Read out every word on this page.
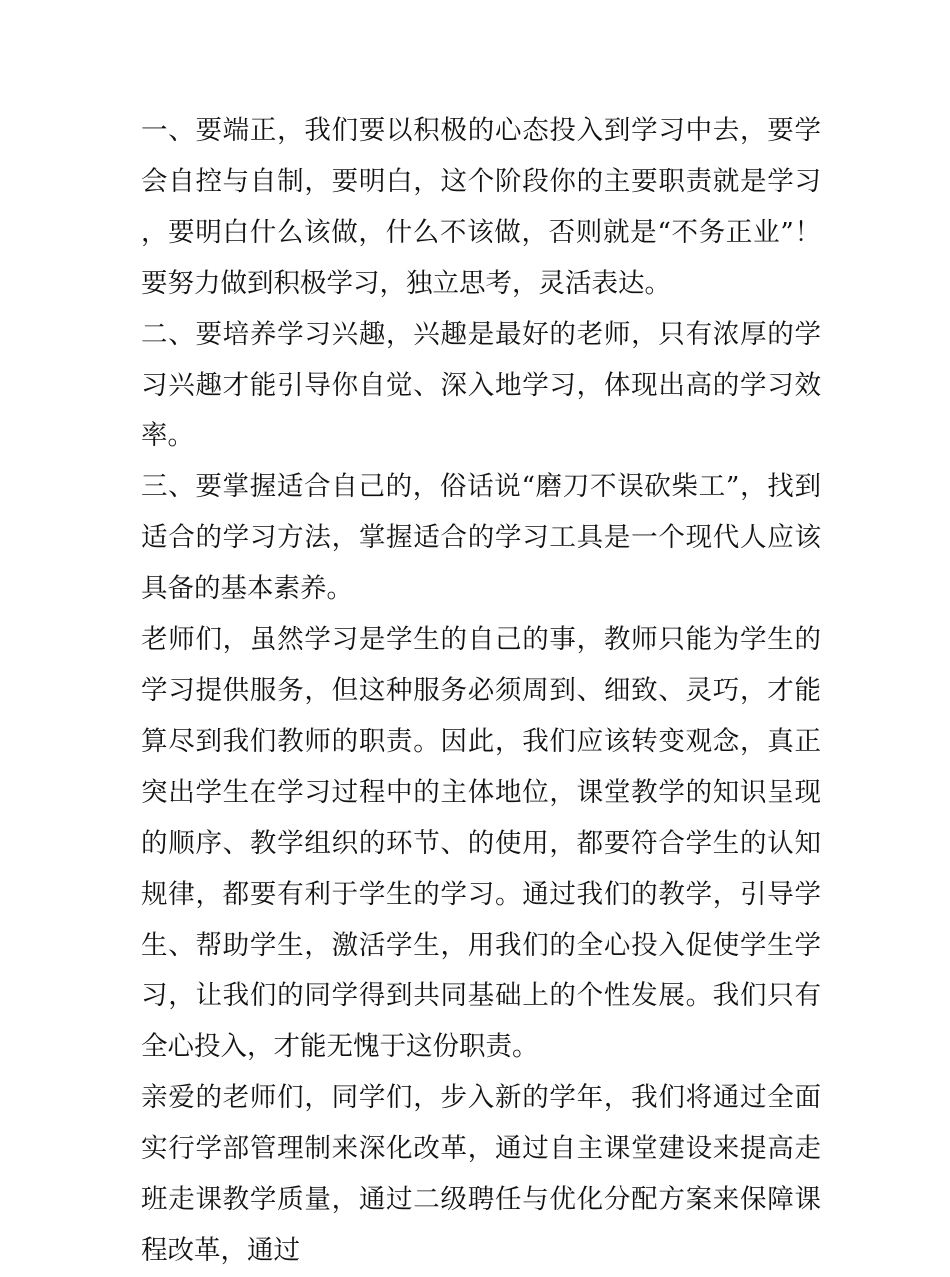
一、要端正，我们要以积极的心态投入到学习中去，要学会自控与自制，要明白，这个阶段你的主要职责就是学习，要明白什么该做，什么不该做，否则就是“不务正业”！要努力做到积极学习，独立思考，灵活表达。

二、要培养学习兴趣，兴趣是最好的老师，只有浓厚的学习兴趣才能引导你自觉、深入地学习，体现出高的学习效率。

三、要掌握适合自己的，俗话说“磨刀不误砍柴工”，找到适合的学习方法，掌握适合的学习工具是一个现代人应该具备的基本素养。

老师们，虽然学习是学生的自己的事，教师只能为学生的学习提供服务，但这种服务必须周到、细致、灵巧，才能算尽到我们教师的职责。因此，我们应该转变观念，真正突出学生在学习过程中的主体地位，课堂教学的知识呈现的顺序、教学组织的环节、的使用，都要符合学生的认知规律，都要有利于学生的学习。通过我们的教学，引导学生、帮助学生，激活学生，用我们的全心投入促使学生学习，让我们的同学得到共同基础上的个性发展。我们只有全心投入，才能无愧于这份职责。

亲爱的老师们，同学们，步入新的学年，我们将通过全面实行学部管理制来深化改革，通过自主课堂建设来提高走班走课教学质量，通过二级聘任与优化分配方案来保障课程改革，通过
